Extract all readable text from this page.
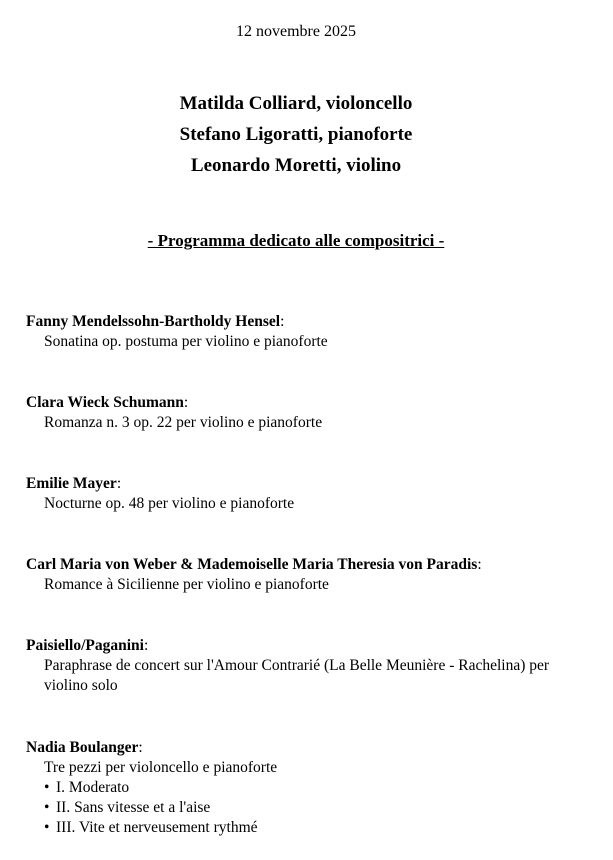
12 novembre 2025
Matilda Colliard, violoncello
Stefano Ligoratti, pianoforte
Leonardo Moretti, violino
- Programma dedicato alle compositrici -
Fanny Mendelssohn-Bartholdy Hensel:
Sonatina op. postuma per violino e pianoforte
Clara Wieck Schumann:
Romanza n. 3 op. 22 per violino e pianoforte
Emilie Mayer:
Nocturne op. 48 per violino e pianoforte
Carl Maria von Weber & Mademoiselle Maria Theresia von Paradis:
Romance à Sicilienne per violino e pianoforte
Paisiello/Paganini:
Paraphrase de concert sur l'Amour Contrarié (La Belle Meunière - Rachelina) per violino solo
Nadia Boulanger:
Tre pezzi per violoncello e pianoforte
• I. Moderato
• II. Sans vitesse et a l'aise
• III. Vite et nerveusement rythmé
